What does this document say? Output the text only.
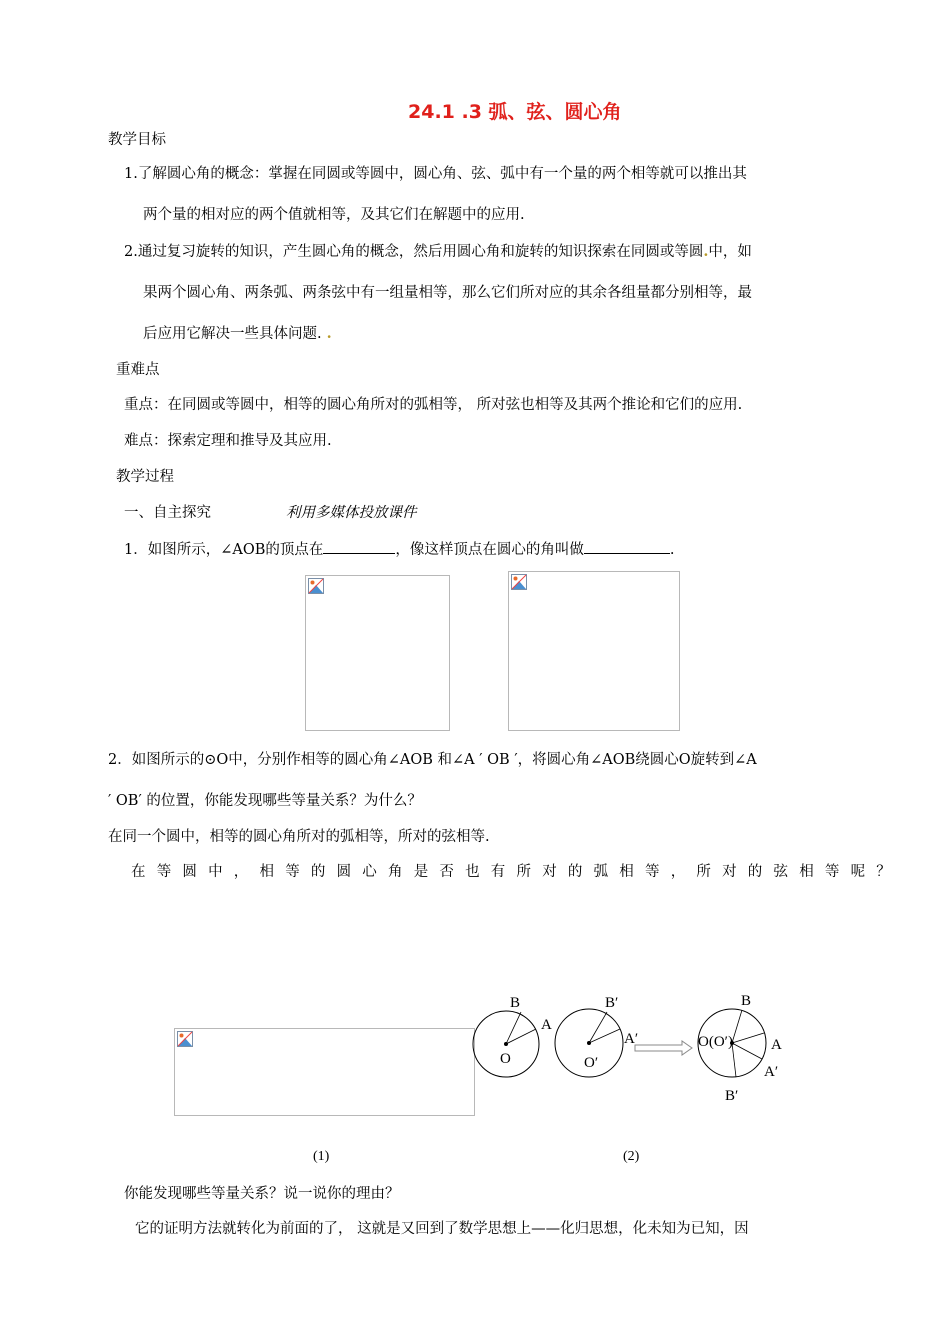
24.1 .3 弧、弦、圆心角
教学目标
1.了解圆心角的概念：掌握在同圆或等圆中，圆心角、弦、弧中有一个量的两个相等就可以推出其
两个量的相对应的两个值就相等，及其它们在解题中的应用.
2.通过复习旋转的知识，产生圆心角的概念，然后用圆心角和旋转的知识探索在同圆或等圆.中，如
果两个圆心角、两条弧、两条弦中有一组量相等，那么它们所对应的其余各组量都分别相等，最
后应用它解决一些具体问题. .
重难点
重点：在同圆或等圆中，相等的圆心角所对的弧相等， 所对弦也相等及其两个推论和它们的应用.
难点：探索定理和推导及其应用.
教学过程
一、自主探究	利用多媒体投放课件
1．如图所示，∠AOB的顶点在	，像这样顶点在圆心的角叫做	.
2．如图所示的⊙O中，分别作相等的圆心角∠AOB 和∠A ′ OB ′，将圆心角∠AOB绕圆心O旋转到∠A
′ OB′ 的位置，你能发现哪些等量关系？为什么？
在同一个圆中，相等的圆心角所对的弧相等，所对的弦相等.
在等圆中，相等的圆心角是否也有所对的弧相等，所对的弦相等呢？
B
A
O
B′
A′
O′
B
A
A′
B′
O(O′)
(1)	(2)
你能发现哪些等量关系？说一说你的理由？
它的证明方法就转化为前面的了， 这就是又回到了数学思想上——化归思想，化未知为已知，因
